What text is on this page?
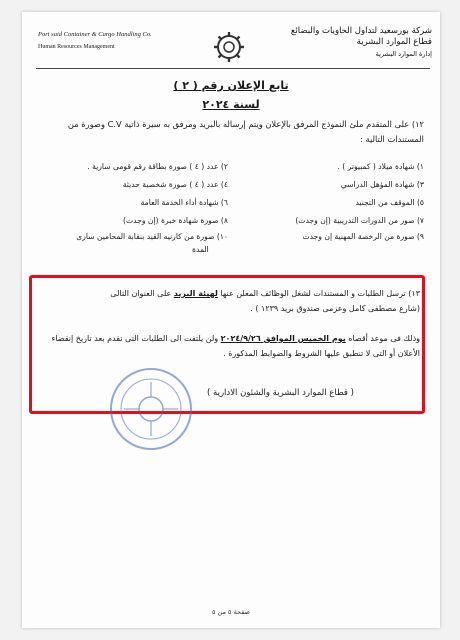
Port said Container & Cargo Handling Co.
Human Resources Management
شركة بورسعيد لتداول الحاويات والبضائع
قطاع الموارد البشرية
إدارة الموارد البشرية
تابع الإعلان رقم ( ٢ )
لسنة ٢٠٢٤
١٢) على المتقدم ملئ النموذج المرفق بالإعلان ويتم إرساله بالبريد ومرفق به سيرة ذاتية C.V وصورة من المستندات التالية :
١) شهادة ميلاد ( كمبيوتر ) .
٢) عدد ( ٤ ) صورة بطاقة رقم قومى سارية .
٣) شهادة المؤهل الدراسي
٤) عدد ( ٤ ) صورة شخصية حديثة
٥) الموقف من التجنيد
٦) شهادة أداء الخدمة العامة
٧) صور من الدورات التدريبية (إن وجدت)
٨) صورة شهادة خبرة (إن وجدت)
٩) صورة من الرخصة المهنية إن وجدت
١٠) صورة من كارنيه القيد بنقابة المحامين سارى
المدة
١٣) ترسل الطلبات و المستندات لشغل الوظائف المعلن عنها لهيئة البريد على العنوان التالى
(شارع مصطفى كامل وعزمى صندوق بريد ١٢٣٩ ) .
وذلك فى موعد أقصاه يوم الخميس الموافق ٢٠٢٤/٩/٢٦ ولن يلتفت الى الطلبات التى تقدم بعد تاريخ إنقضاء الأعلان أو التى لا تنطبق عليها الشروط والضوابط المذكورة .
( قطاع الموارد البشرية والشئون الادارية )
صفحة ٥ من ٥
